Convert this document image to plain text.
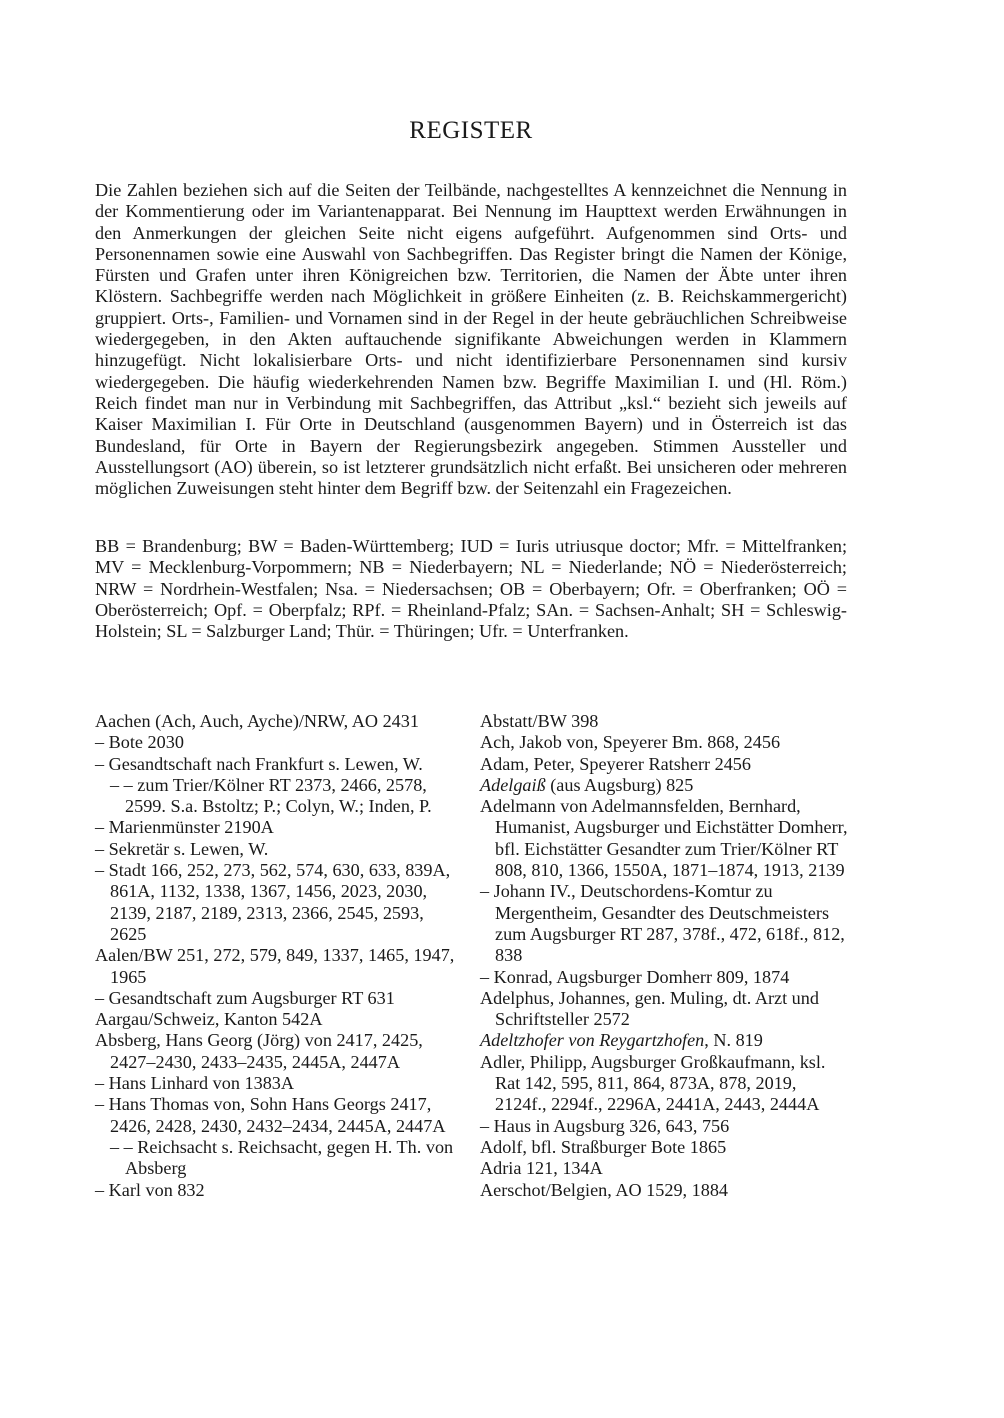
REGISTER

Die Zahlen beziehen sich auf die Seiten der Teilbände, nachgestelltes A kennzeichnet die Nennung in der Kommentierung oder im Variantenapparat. Bei Nennung im Haupttext werden Erwähnungen in den Anmerkungen der gleichen Seite nicht eigens aufgeführt. Aufgenommen sind Orts- und Personennamen sowie eine Auswahl von Sachbegriffen. Das Register bringt die Namen der Könige, Fürsten und Grafen unter ihren Königreichen bzw. Territorien, die Namen der Äbte unter ihren Klöstern. Sachbegriffe werden nach Möglichkeit in größere Einheiten (z. B. Reichskammergericht) gruppiert. Orts-, Familien- und Vornamen sind in der Regel in der heute gebräuchlichen Schreibweise wiedergegeben, in den Akten auftauchende signifikante Abweichungen werden in Klammern hinzugefügt. Nicht lokalisierbare Orts- und nicht identifizierbare Personennamen sind kursiv wiedergegeben. Die häufig wiederkehrenden Namen bzw. Begriffe Maximilian I. und (Hl. Röm.) Reich findet man nur in Verbindung mit Sachbegriffen, das Attribut „ksl.“ bezieht sich jeweils auf Kaiser Maximilian I. Für Orte in Deutschland (ausgenommen Bayern) und in Österreich ist das Bundesland, für Orte in Bayern der Regierungsbezirk angegeben. Stimmen Aussteller und Ausstellungsort (AO) überein, so ist letzterer grundsätzlich nicht erfaßt. Bei unsicheren oder mehreren möglichen Zuweisungen steht hinter dem Begriff bzw. der Seitenzahl ein Fragezeichen.

BB = Brandenburg; BW = Baden-Württemberg; IUD = Iuris utriusque doctor; Mfr. = Mittelfranken; MV = Mecklenburg-Vorpommern; NB = Niederbayern; NL = Niederlande; NÖ = Niederösterreich; NRW = Nordrhein-Westfalen; Nsa. = Niedersachsen; OB = Oberbayern; Ofr. = Oberfranken; OÖ = Oberösterreich; Opf. = Oberpfalz; RPf. = Rheinland-Pfalz; SAn. = Sachsen-Anhalt; SH = Schleswig-Holstein; SL = Salzburger Land; Thür. = Thüringen; Ufr. = Unterfranken.

Aachen (Ach, Auch, Ayche)/NRW, AO 2431
– Bote 2030
– Gesandtschaft nach Frankfurt s. Lewen, W.
– – zum Trier/Kölner RT 2373, 2466, 2578, 2599. S.a. Bstoltz; P.; Colyn, W.; Inden, P.
– Marienmünster 2190A
– Sekretär s. Lewen, W.
– Stadt 166, 252, 273, 562, 574, 630, 633, 839A, 861A, 1132, 1338, 1367, 1456, 2023, 2030, 2139, 2187, 2189, 2313, 2366, 2545, 2593, 2625
Aalen/BW 251, 272, 579, 849, 1337, 1465, 1947, 1965
– Gesandtschaft zum Augsburger RT 631
Aargau/Schweiz, Kanton 542A
Absberg, Hans Georg (Jörg) von 2417, 2425, 2427–2430, 2433–2435, 2445A, 2447A
– Hans Linhard von 1383A
– Hans Thomas von, Sohn Hans Georgs 2417, 2426, 2428, 2430, 2432–2434, 2445A, 2447A
– – Reichsacht s. Reichsacht, gegen H. Th. von Absberg
– Karl von 832
Abstatt/BW 398
Ach, Jakob von, Speyerer Bm. 868, 2456
Adam, Peter, Speyerer Ratsherr 2456
Adelgaiß (aus Augsburg) 825
Adelmann von Adelmannsfelden, Bernhard, Humanist, Augsburger und Eichstätter Domherr, bfl. Eichstätter Gesandter zum Trier/Kölner RT 808, 810, 1366, 1550A, 1871–1874, 1913, 2139
– Johann IV., Deutschordens-Komtur zu Mergentheim, Gesandter des Deutschmeisters zum Augsburger RT 287, 378f., 472, 618f., 812, 838
– Konrad, Augsburger Domherr 809, 1874
Adelphus, Johannes, gen. Muling, dt. Arzt und Schriftsteller 2572
Adeltzhofer von Reygartzhofen, N. 819
Adler, Philipp, Augsburger Großkaufmann, ksl. Rat 142, 595, 811, 864, 873A, 878, 2019, 2124f., 2294f., 2296A, 2441A, 2443, 2444A
– Haus in Augsburg 326, 643, 756
Adolf, bfl. Straßburger Bote 1865
Adria 121, 134A
Aerschot/Belgien, AO 1529, 1884
